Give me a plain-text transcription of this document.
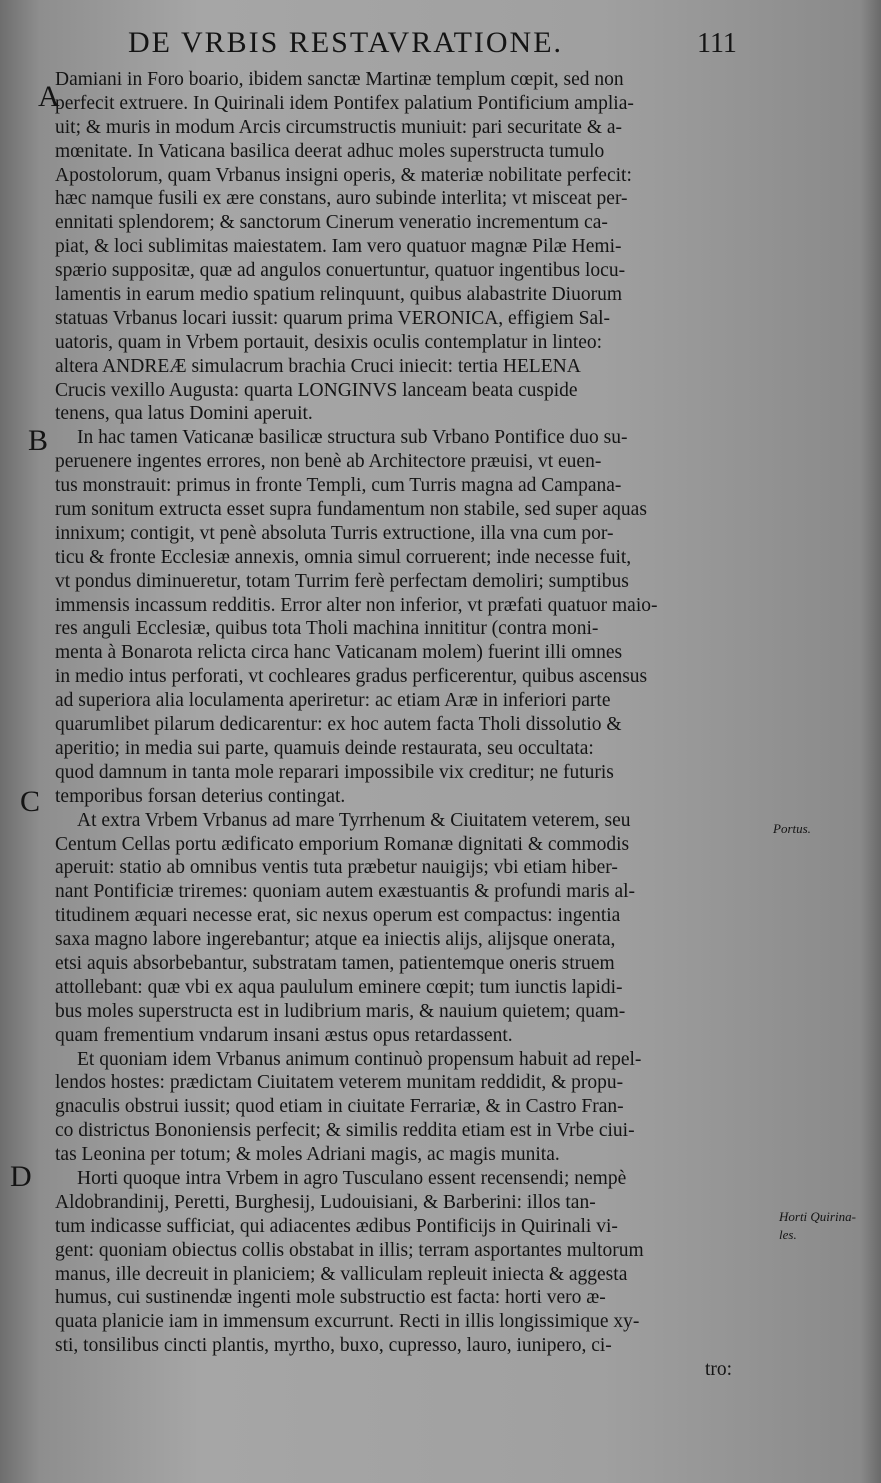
DE VRBIS RESTAVRATIONE.	111
A
B
C
D
Portus.
Horti Quirina-
les.
Damiani in Foro boario, ibidem sanctæ Martinæ templum cœpit, sed non
perfecit extruere. In Quirinali idem Pontifex palatium Pontificium amplia-
uit; & muris in modum Arcis circumstructis muniuit: pari securitate & a-
mœnitate. In Vaticana basilica deerat adhuc moles superstructa tumulo
Apostolorum, quam Vrbanus insigni operis, & materiæ nobilitate perfecit:
hæc namque fusili ex ære constans, auro subinde interlita; vt misceat per-
ennitati splendorem; & sanctorum Cinerum veneratio incrementum ca-
piat, & loci sublimitas maiestatem. Iam vero quatuor magnæ Pilæ Hemi-
spærio suppositæ, quæ ad angulos conuertuntur, quatuor ingentibus locu-
lamentis in earum medio spatium relinquunt, quibus alabastrite Diuorum
statuas Vrbanus locari iussit: quarum prima VERONICA, effigiem Sal-
uatoris, quam in Vrbem portauit, desixis oculis contemplatur in linteo:
altera ANDREÆ simulacrum brachia Cruci iniecit: tertia HELENA
Crucis vexillo Augusta: quarta LONGINVS lanceam beata cuspide
tenens, qua latus Domini aperuit.
In hac tamen Vaticanæ basilicæ structura sub Vrbano Pontifice duo su-
peruenere ingentes errores, non benè ab Architectore præuisi, vt euen-
tus monstrauit: primus in fronte Templi, cum Turris magna ad Campana-
rum sonitum extructa esset supra fundamentum non stabile, sed super aquas
innixum; contigit, vt penè absoluta Turris extructione, illa vna cum por-
ticu & fronte Ecclesiæ annexis, omnia simul corruerent; inde necesse fuit,
vt pondus diminueretur, totam Turrim ferè perfectam demoliri; sumptibus
immensis incassum redditis. Error alter non inferior, vt præfati quatuor maio-
res anguli Ecclesiæ, quibus tota Tholi machina innititur (contra moni-
menta à Bonarota relicta circa hanc Vaticanam molem) fuerint illi omnes
in medio intus perforati, vt cochleares gradus perficerentur, quibus ascensus
ad superiora alia loculamenta aperiretur: ac etiam Aræ in inferiori parte
quarumlibet pilarum dedicarentur: ex hoc autem facta Tholi dissolutio &
aperitio; in media sui parte, quamuis deinde restaurata, seu occultata:
quod damnum in tanta mole reparari impossibile vix creditur; ne futuris
temporibus forsan deterius contingat.
At extra Vrbem Vrbanus ad mare Tyrrhenum & Ciuitatem veterem, seu
Centum Cellas portu ædificato emporium Romanæ dignitati & commodis
aperuit: statio ab omnibus ventis tuta præbetur nauigijs; vbi etiam hiber-
nant Pontificiæ triremes: quoniam autem exæstuantis & profundi maris al-
titudinem æquari necesse erat, sic nexus operum est compactus: ingentia
saxa magno labore ingerebantur; atque ea iniectis alijs, alijsque onerata,
etsi aquis absorbebantur, substratam tamen, patientemque oneris struem
attollebant: quæ vbi ex aqua paululum eminere cœpit; tum iunctis lapidi-
bus moles superstructa est in ludibrium maris, & nauium quietem; quam-
quam frementium vndarum insani æstus opus retardassent.
Et quoniam idem Vrbanus animum continuò propensum habuit ad repel-
lendos hostes: prædictam Ciuitatem veterem munitam reddidit, & propu-
gnaculis obstrui iussit; quod etiam in ciuitate Ferrariæ, & in Castro Fran-
co districtus Bononiensis perfecit; & similis reddita etiam est in Vrbe ciui-
tas Leonina per totum; & moles Adriani magis, ac magis munita.
Horti quoque intra Vrbem in agro Tusculano essent recensendi; nempè
Aldobrandinij, Peretti, Burghesij, Ludouisiani, & Barberini: illos tan-
tum indicasse sufficiat, qui adiacentes ædibus Pontificijs in Quirinali vi-
gent: quoniam obiectus collis obstabat in illis; terram asportantes multorum
manus, ille decreuit in planiciem; & valliculam repleuit iniecta & aggesta
humus, cui sustinendæ ingenti mole substructio est facta: horti vero æ-
quata planicie iam in immensum excurrunt. Recti in illis longissimique xy-
sti, tonsilibus cincti plantis, myrtho, buxo, cupresso, lauro, iunipero, ci-
tro:
